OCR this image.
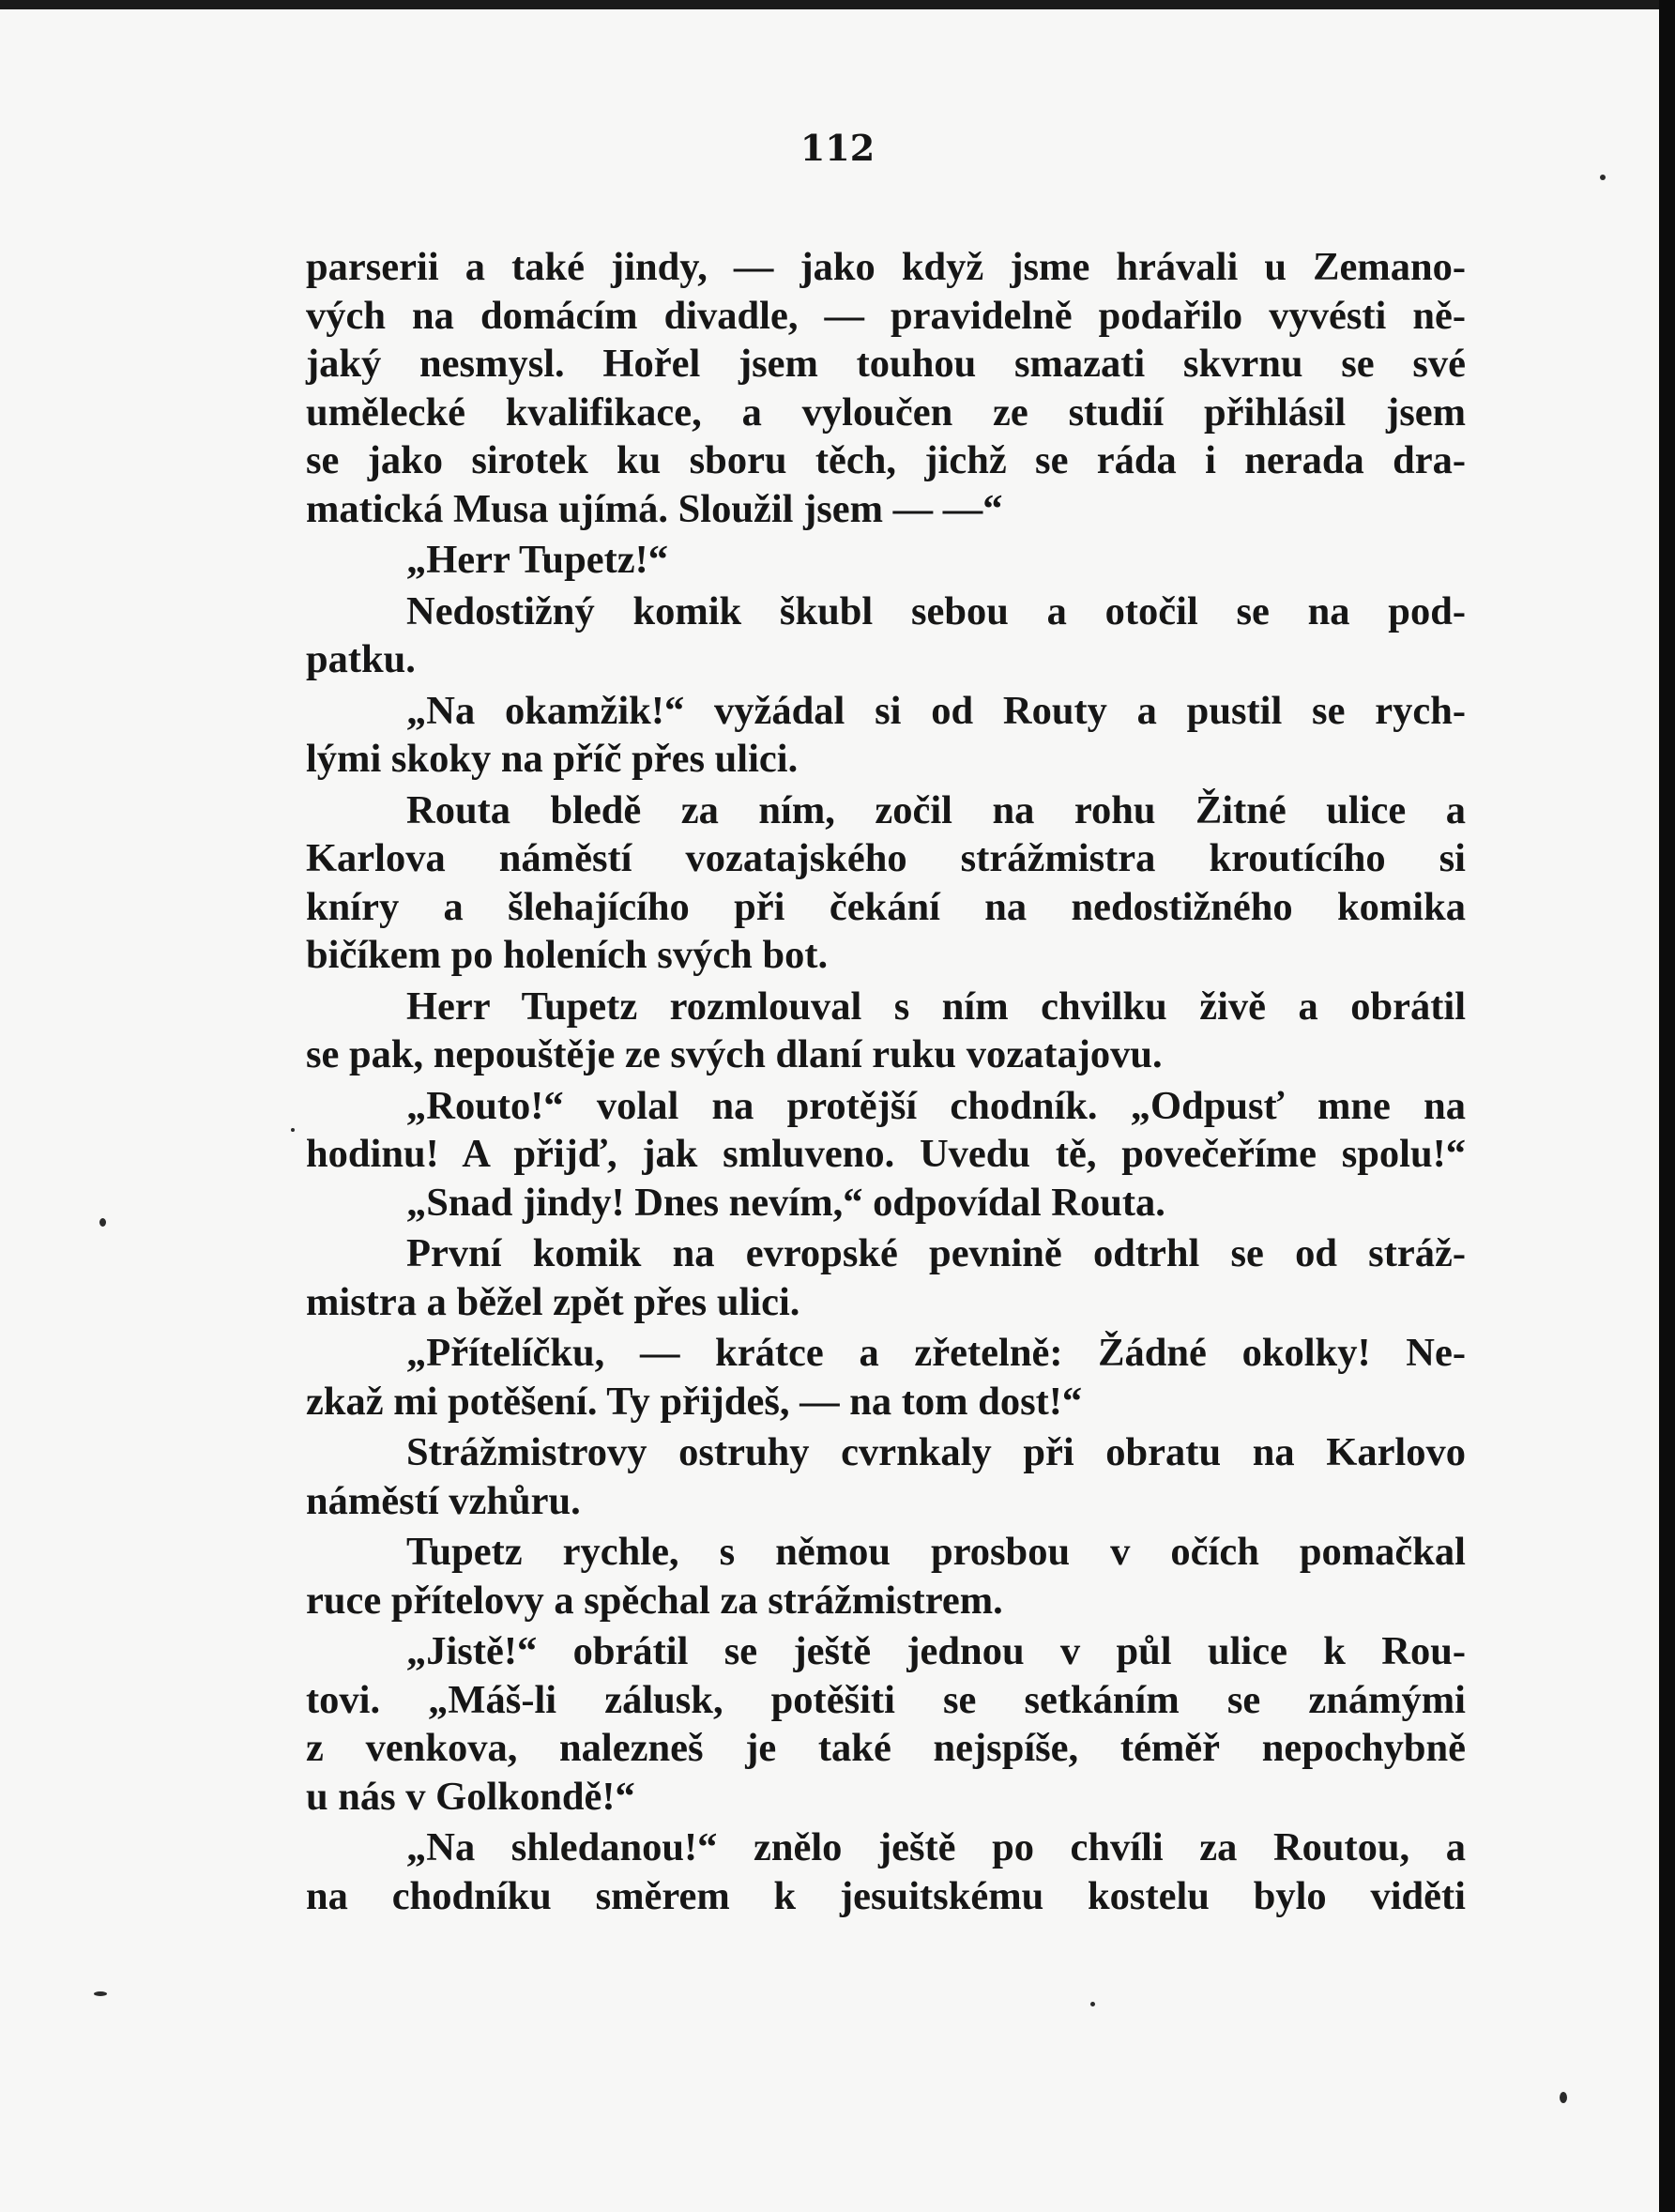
112
parserii a také jindy, — jako když jsme hrávali u Zemano-
vých na domácím divadle, — pravidelně podařilo vyvésti ně-
jaký nesmysl. Hořel jsem touhou smazati skvrnu se své
umělecké kvalifikace, a vyloučen ze studií přihlásil jsem
se jako sirotek ku sboru těch, jichž se ráda i nerada dra-
matická Musa ujímá. Sloužil jsem — —“
„Herr Tupetz!“
Nedostižný komik škubl sebou a otočil se na pod-
patku.
„Na okamžik!“ vyžádal si od Routy a pustil se rych-
lými skoky na příč přes ulici.
Routa bledě za ním, zočil na rohu Žitné ulice a
Karlova náměstí vozatajského strážmistra kroutícího si
kníry a šlehajícího při čekání na nedostižného komika
bičíkem po holeních svých bot.
Herr Tupetz rozmlouval s ním chvilku živě a obrátil
se pak, nepouštěje ze svých dlaní ruku vozatajovu.
„Routo!“ volal na protější chodník. „Odpusť mne na
hodinu! A přijď, jak smluveno. Uvedu tě, povečeříme spolu!“
„Snad jindy! Dnes nevím,“ odpovídal Routa.
První komik na evropské pevnině odtrhl se od stráž-
mistra a běžel zpět přes ulici.
„Přítelíčku, — krátce a zřetelně: Žádné okolky! Ne-
zkaž mi potěšení. Ty přijdeš, — na tom dost!“
Strážmistrovy ostruhy cvrnkaly při obratu na Karlovo
náměstí vzhůru.
Tupetz rychle, s němou prosbou v očích pomačkal
ruce přítelovy a spěchal za strážmistrem.
„Jistě!“ obrátil se ještě jednou v půl ulice k Rou-
tovi. „Máš-li zálusk, potěšiti se setkáním se známými
z venkova, nalezneš je také nejspíše, téměř nepochybně
u nás v Golkondě!“
„Na shledanou!“ znělo ještě po chvíli za Routou, a
na chodníku směrem k jesuitskému kostelu bylo viděti
